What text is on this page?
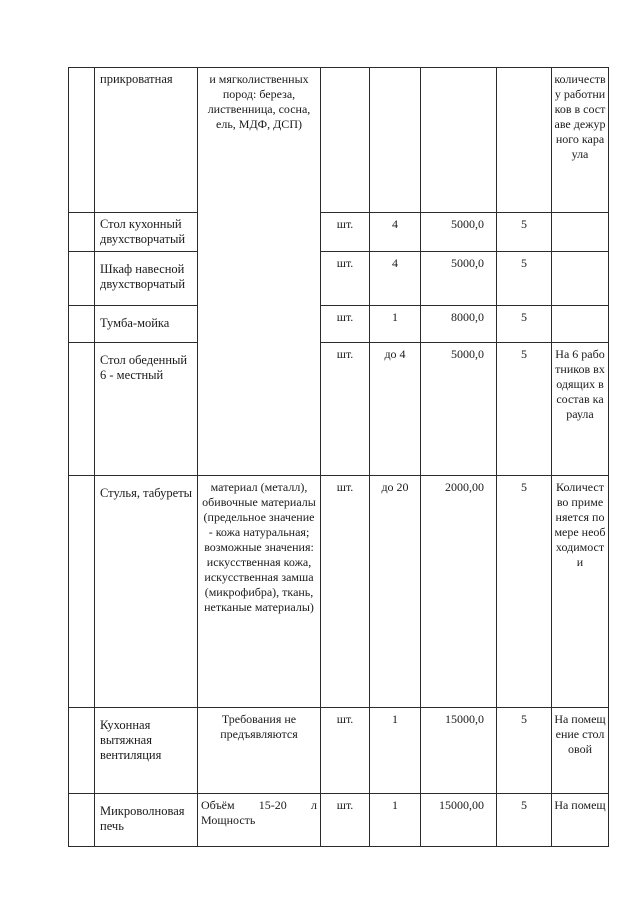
	прикроватная	и мягколиственных пород: береза, лиственница, сосна, ель, МДФ, ДСП)					количеству работников в составе дежурного караула
	Стол кухонный двухстворчатый		шт.	4	5000,0	5	
	Шкаф навесной двухстворчатый		шт.	4	5000,0	5	
	Тумба-мойка		шт.	1	8000,0	5	
	Стол обеденный 6 - местный		шт.	до 4	5000,0	5	На 6 работников входящих в состав караула
	Стулья, табуреты	материал (металл), обивочные материалы (предельное значение - кожа натуральная; возможные значения: искусственная кожа, искусственная замша (микрофибра), ткань, нетканые материалы)	шт.	до 20	2000,00	5	Количество применяется по мере необходимости
	Кухонная вытяжная вентиляция	Требования не предъявляются	шт.	1	15000,0	5	На помещение столовой
	Микроволновая печь	Объём 15-20 л Мощность	шт.	1	15000,00	5	На помещ
